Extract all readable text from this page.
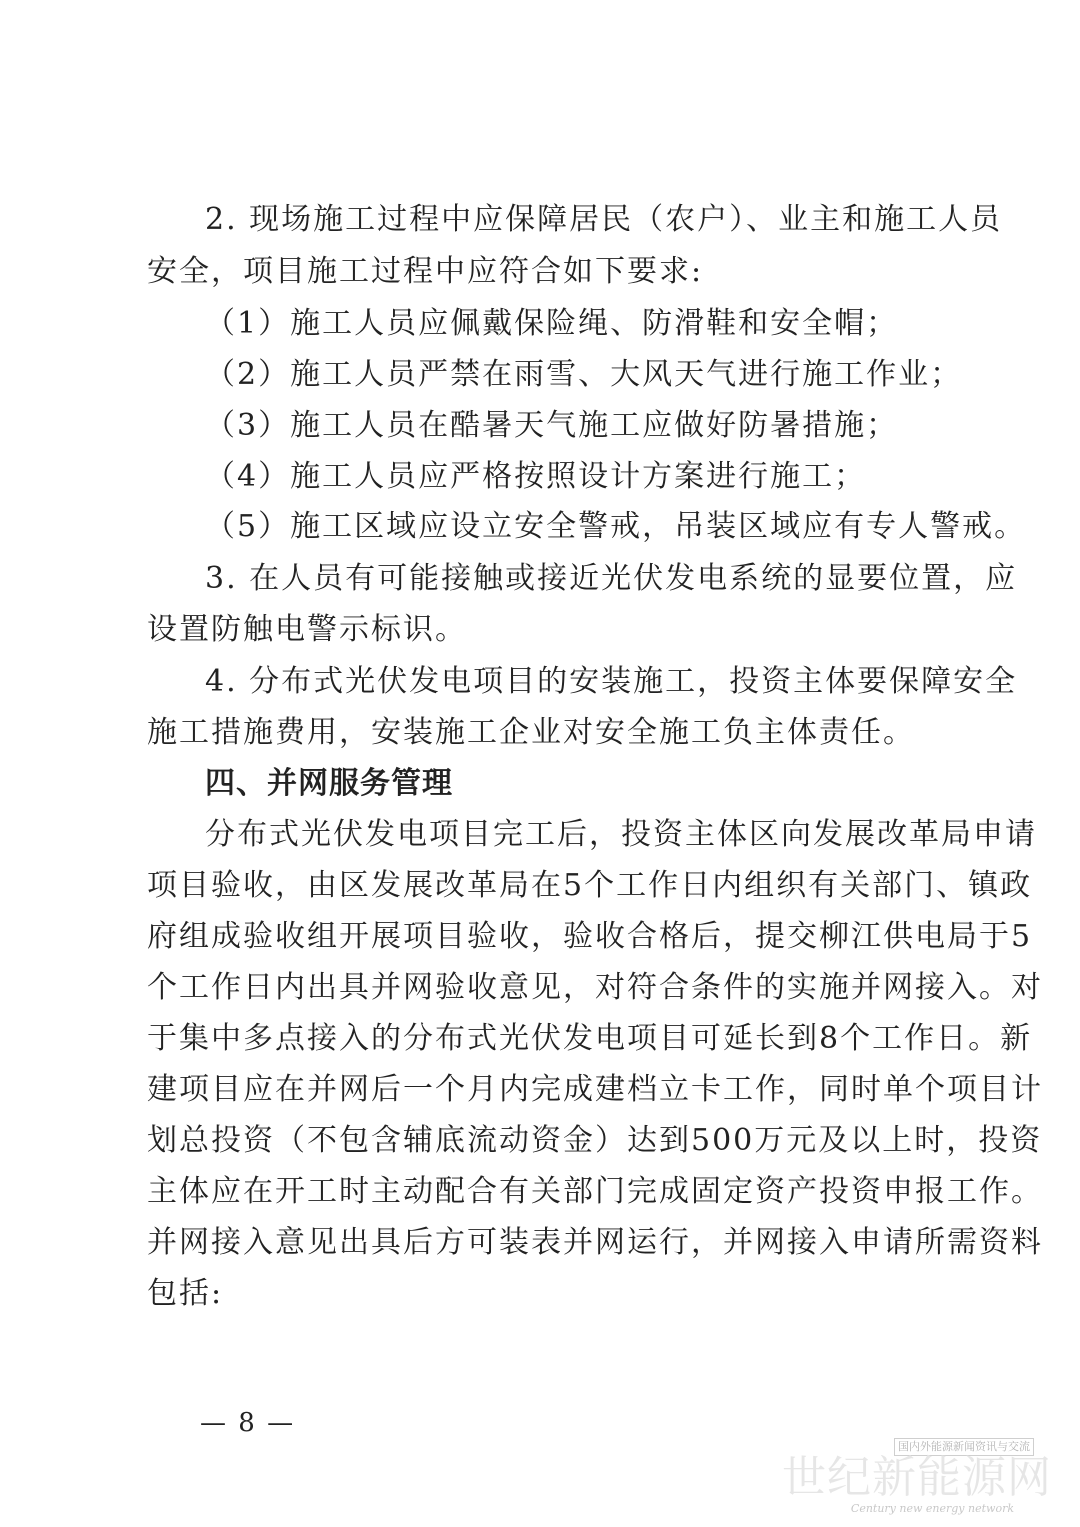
2. 现场施工过程中应保障居民（农户）、业主和施工人员
安全，项目施工过程中应符合如下要求:
（1）施工人员应佩戴保险绳、防滑鞋和安全帽；
（2）施工人员严禁在雨雪、大风天气进行施工作业；
（3）施工人员在酷暑天气施工应做好防暑措施；
（4）施工人员应严格按照设计方案进行施工；
（5）施工区域应设立安全警戒，吊装区域应有专人警戒。
3. 在人员有可能接触或接近光伏发电系统的显要位置，应
设置防触电警示标识。
4. 分布式光伏发电项目的安装施工，投资主体要保障安全
施工措施费用，安装施工企业对安全施工负主体责任。
四、并网服务管理
分布式光伏发电项目完工后，投资主体区向发展改革局申请
项目验收，由区发展改革局在5个工作日内组织有关部门、镇政
府组成验收组开展项目验收，验收合格后，提交柳江供电局于5
个工作日内出具并网验收意见，对符合条件的实施并网接入。对
于集中多点接入的分布式光伏发电项目可延长到8个工作日。新
建项目应在并网后一个月内完成建档立卡工作，同时单个项目计
划总投资（不包含辅底流动资金）达到500万元及以上时，投资
主体应在开工时主动配合有关部门完成固定资产投资申报工作。
并网接入意见出具后方可装表并网运行，并网接入申请所需资料
包括:
— 8 —
国内外能源新闻资讯与交流
世纪新能源网
Century new energy network
